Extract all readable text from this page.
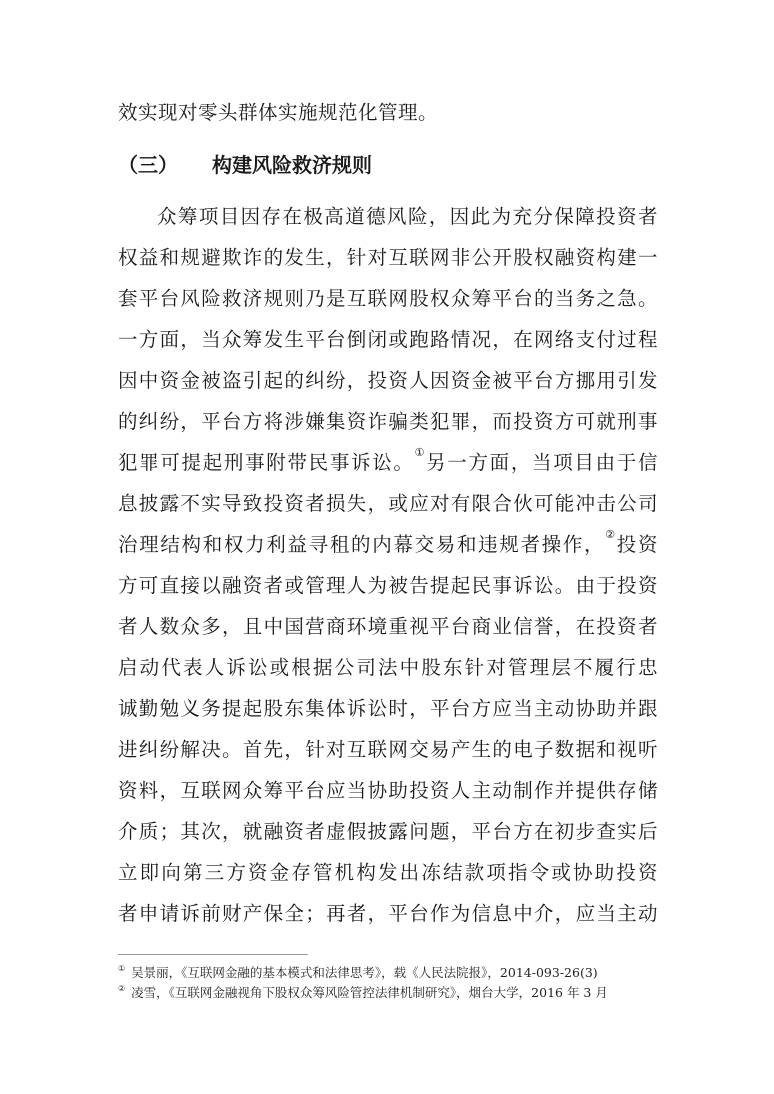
效实现对零头群体实施规范化管理。
（三） 构建风险救济规则
众筹项目因存在极高道德风险，因此为充分保障投资者
权益和规避欺诈的发生，针对互联网非公开股权融资构建一
套平台风险救济规则乃是互联网股权众筹平台的当务之急。
一方面，当众筹发生平台倒闭或跑路情况，在网络支付过程
因中资金被盗引起的纠纷，投资人因资金被平台方挪用引发
的纠纷，平台方将涉嫌集资诈骗类犯罪，而投资方可就刑事
犯罪可提起刑事附带民事诉讼。①另一方面，当项目由于信
息披露不实导致投资者损失，或应对有限合伙可能冲击公司
治理结构和权力利益寻租的内幕交易和违规者操作，②投资
方可直接以融资者或管理人为被告提起民事诉讼。由于投资
者人数众多，且中国营商环境重视平台商业信誉，在投资者
启动代表人诉讼或根据公司法中股东针对管理层不履行忠
诚勤勉义务提起股东集体诉讼时，平台方应当主动协助并跟
进纠纷解决。首先，针对互联网交易产生的电子数据和视听
资料，互联网众筹平台应当协助投资人主动制作并提供存储
介质；其次，就融资者虚假披露问题，平台方在初步查实后
立即向第三方资金存管机构发出冻结款项指令或协助投资
者申请诉前财产保全；再者，平台作为信息中介，应当主动
① 吴景丽，《互联网金融的基本模式和法律思考》，载《人民法院报》，2014-093-26(3)
② 凌雪，《互联网金融视角下股权众筹风险管控法律机制研究》，烟台大学，2016 年 3 月
